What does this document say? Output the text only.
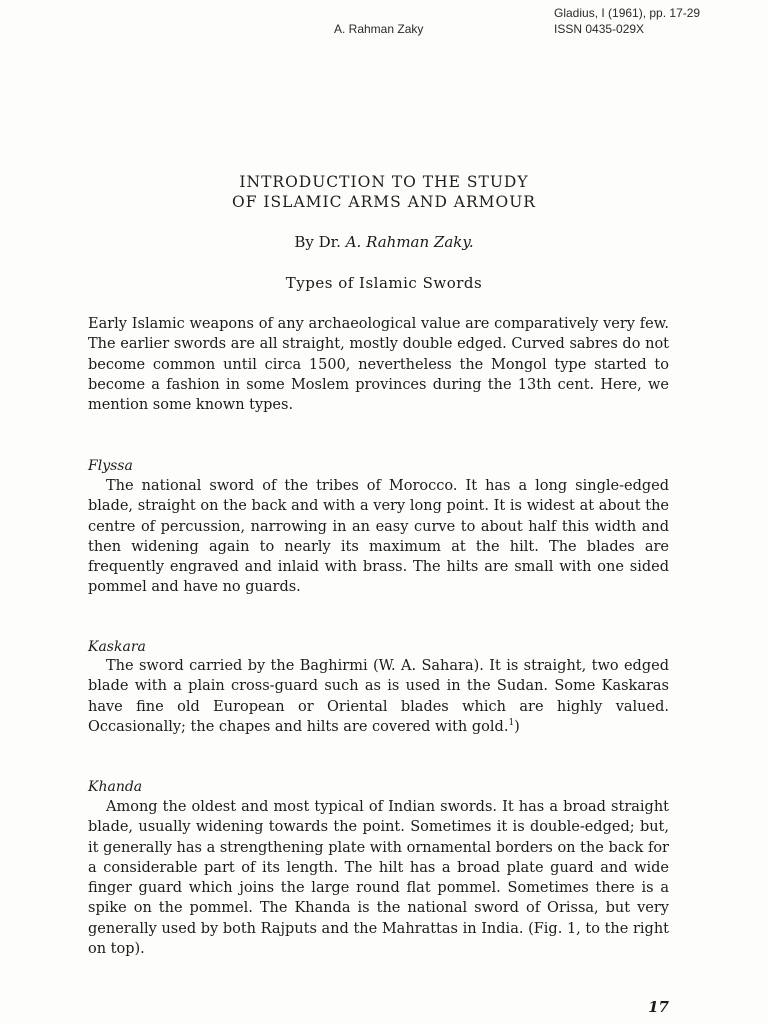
A. Rahman Zaky
Gladius, I (1961), pp. 17-29
ISSN 0435-029X
INTRODUCTION TO THE STUDY
OF ISLAMIC ARMS AND ARMOUR
By Dr. A. Rahman Zaky.
Types of Islamic Swords

Early Islamic weapons of any archaeological value are comparatively very few. The earlier swords are all straight, mostly double edged. Curved sabres do not become common until circa 1500, nevertheless the Mongol type started to become a fashion in some Moslem provinces during the 13th cent. Here, we mention some known types.

Flyssa

The national sword of the tribes of Morocco. It has a long single-edged blade, straight on the back and with a very long point. It is widest at about the centre of percussion, narrowing in an easy curve to about half this width and then widening again to nearly its maximum at the hilt. The blades are frequently engraved and inlaid with brass. The hilts are small with one sided pommel and have no guards.

Kaskara

The sword carried by the Baghirmi (W. A. Sahara). It is straight, two edged blade with a plain cross-guard such as is used in the Sudan. Some Kaskaras have fine old European or Oriental blades which are highly valued. Occasionally; the chapes and hilts are covered with gold.$^1$)

Khanda

Among the oldest and most typical of Indian swords. It has a broad straight blade, usually widening towards the point. Sometimes it is double-edged; but, it generally has a strengthening plate with ornamental borders on the back for a considerable part of its length. The hilt has a broad plate guard and wide finger guard which joins the large round flat pommel. Sometimes there is a spike on the pommel. The Khanda is the national sword of Orissa, but very generally used by both Rajputs and the Mahrattas in India. (Fig. 1, to the right on top).

17
